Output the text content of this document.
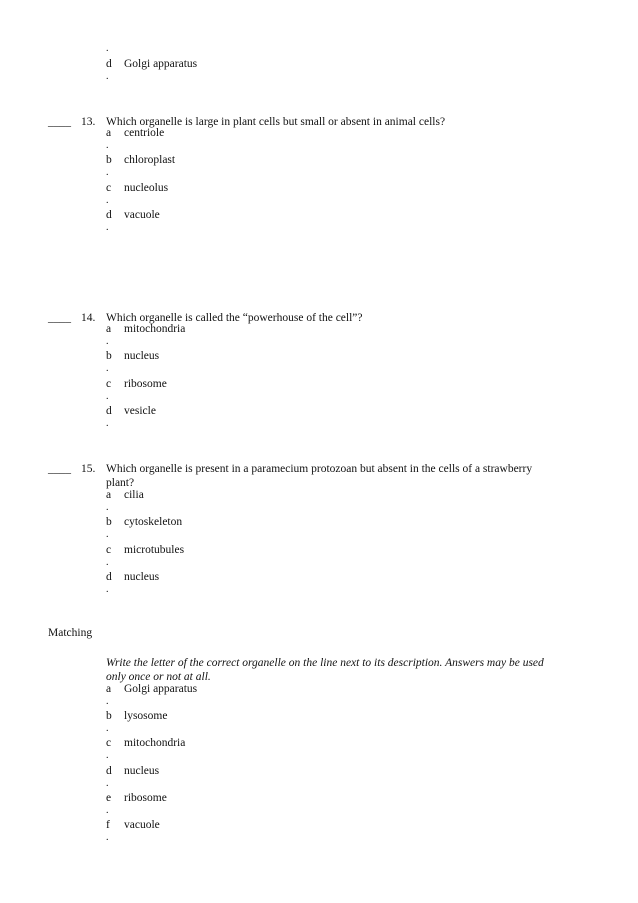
.
d Golgi apparatus
.
____ 13. Which organelle is large in plant cells but small or absent in animal cells?
a centriole
.
b chloroplast
.
c nucleolus
.
d vacuole
.
____ 14. Which organelle is called the “powerhouse of the cell”?
a mitochondria
.
b nucleus
.
c ribosome
.
d vesicle
.
____ 15. Which organelle is present in a paramecium protozoan but absent in the cells of a strawberry
plant?
a cilia
.
b cytoskeleton
.
c microtubules
.
d nucleus
.
Matching
Write the letter of the correct organelle on the line next to its description. Answers may be used
only once or not at all.
a Golgi apparatus
.
b lysosome
.
c mitochondria
.
d nucleus
.
e ribosome
.
f vacuole
.
